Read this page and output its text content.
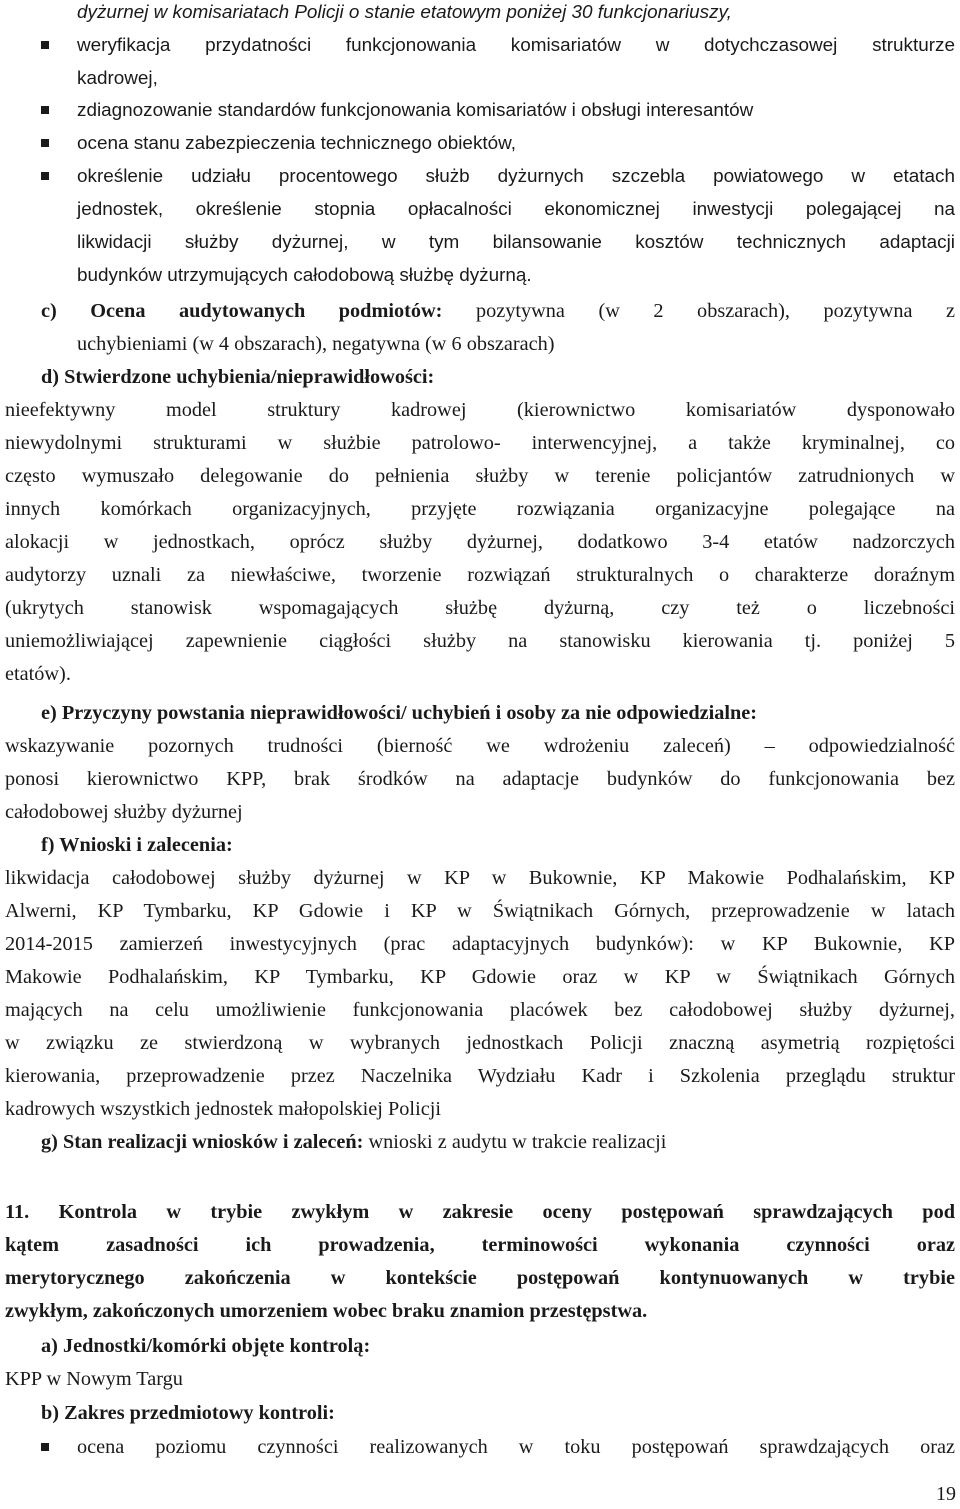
dyżurnej w komisariatach Policji o stanie etatowym poniżej 30 funkcjonariuszy,
weryfikacja przydatności funkcjonowania komisariatów w dotychczasowej strukturze
kadrowej,
zdiagnozowanie standardów funkcjonowania komisariatów i obsługi interesantów
ocena stanu zabezpieczenia technicznego obiektów,
określenie udziału procentowego służb dyżurnych szczebla powiatowego w etatach
jednostek, określenie stopnia opłacalności ekonomicznej inwestycji polegającej na
likwidacji służby dyżurnej, w tym bilansowanie kosztów technicznych adaptacji
budynków utrzymujących całodobową służbę dyżurną.
c) Ocena audytowanych podmiotów: pozytywna (w 2 obszarach), pozytywna z
uchybieniami (w 4 obszarach), negatywna (w 6 obszarach)
d) Stwierdzone uchybienia/nieprawidłowości:
nieefektywny model struktury kadrowej (kierownictwo komisariatów dysponowało
niewydolnymi strukturami w służbie patrolowo- interwencyjnej, a także kryminalnej, co
często wymuszało delegowanie do pełnienia służby w terenie policjantów zatrudnionych w
innych komórkach organizacyjnych, przyjęte rozwiązania organizacyjne polegające na
alokacji w jednostkach, oprócz służby dyżurnej, dodatkowo 3-4 etatów nadzorczych
audytorzy uznali za niewłaściwe, tworzenie rozwiązań strukturalnych o charakterze doraźnym
(ukrytych stanowisk wspomagających służbę dyżurną, czy też o liczebności
uniemożliwiającej zapewnienie ciągłości służby na stanowisku kierowania tj. poniżej 5
etatów).
e) Przyczyny powstania nieprawidłowości/ uchybień i osoby za nie odpowiedzialne:
wskazywanie pozornych trudności (bierność we wdrożeniu zaleceń) – odpowiedzialność
ponosi kierownictwo KPP, brak środków na adaptacje budynków do funkcjonowania bez
całodobowej służby dyżurnej
f) Wnioski i zalecenia:
likwidacja całodobowej służby dyżurnej w KP w Bukownie, KP Makowie Podhalańskim, KP
Alwerni, KP Tymbarku, KP Gdowie i KP w Świątnikach Górnych, przeprowadzenie w latach
2014-2015 zamierzeń inwestycyjnych (prac adaptacyjnych budynków): w KP Bukownie, KP
Makowie Podhalańskim, KP Tymbarku, KP Gdowie oraz w KP w Świątnikach Górnych
mających na celu umożliwienie funkcjonowania placówek bez całodobowej służby dyżurnej,
w związku ze stwierdzoną w wybranych jednostkach Policji znaczną asymetrią rozpiętości
kierowania, przeprowadzenie przez Naczelnika Wydziału Kadr i Szkolenia przeglądu struktur
kadrowych wszystkich jednostek małopolskiej Policji
g) Stan realizacji wniosków i zaleceń: wnioski z audytu w trakcie realizacji
11. Kontrola w trybie zwykłym w zakresie oceny postępowań sprawdzających pod
kątem zasadności ich prowadzenia, terminowości wykonania czynności oraz
merytorycznego zakończenia w kontekście postępowań kontynuowanych w trybie
zwykłym, zakończonych umorzeniem wobec braku znamion przestępstwa.
a) Jednostki/komórki objęte kontrolą:
KPP w Nowym Targu
b) Zakres przedmiotowy kontroli:
ocena poziomu czynności realizowanych w toku postępowań sprawdzających oraz
19
